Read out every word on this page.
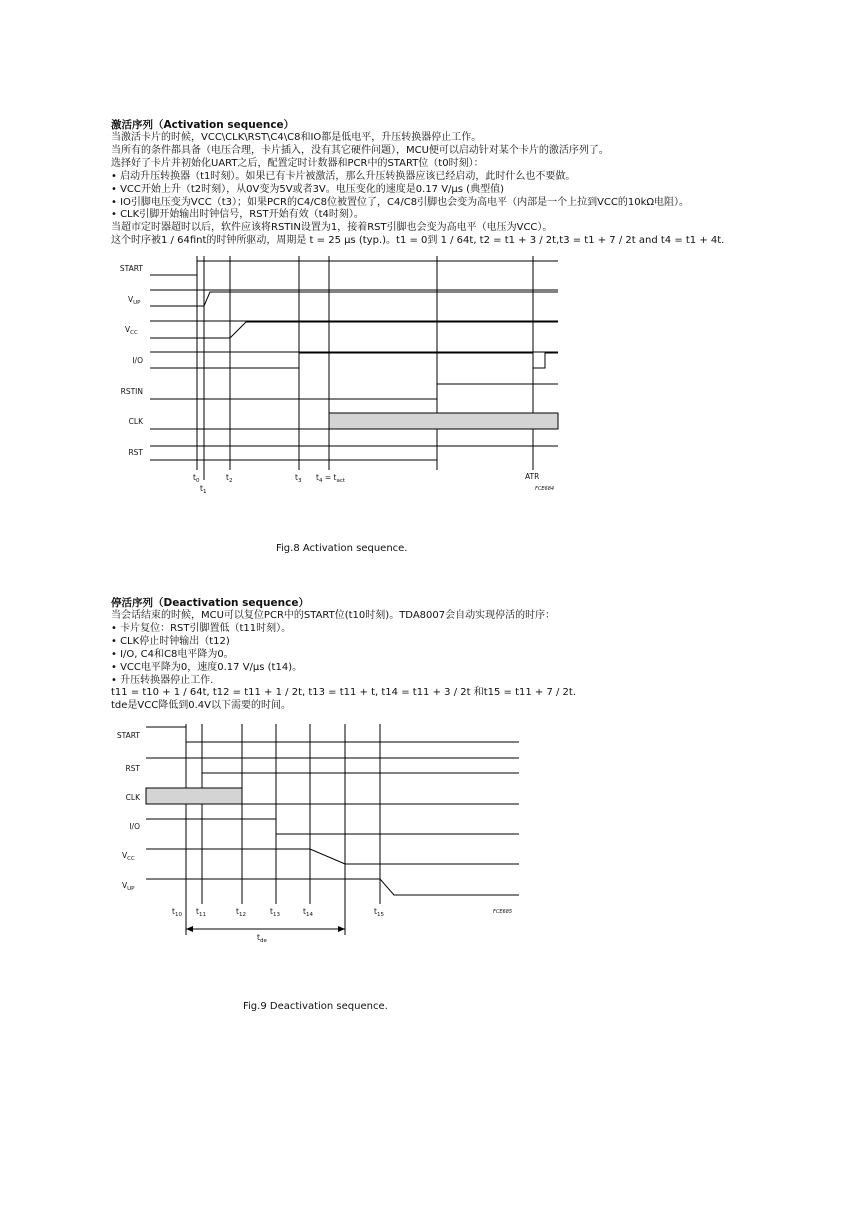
激活序列（Activation sequence）
当激活卡片的时候，VCC\CLK\RST\C4\C8和IO都是低电平，升压转换器停止工作。
当所有的条件都具备（电压合理，卡片插入，没有其它硬件问题），MCU便可以启动针对某个卡片的激活序列了。
选择好了卡片并初始化UART之后，配置定时计数器和PCR中的START位（t0时刻）：
• 启动升压转换器（t1时刻）。如果已有卡片被激活，那么升压转换器应该已经启动，此时什么也不要做。
• VCC开始上升（t2时刻），从0V变为5V或者3V。电压变化的速度是0.17 V/μs (典型值)
• IO引脚电压变为VCC（t3）；如果PCR的C4/C8位被置位了，C4/C8引脚也会变为高电平（内部是一个上拉到VCC的10kΩ电阻）。
• CLK引脚开始输出时钟信号，RST开始有效（t4时刻）。
当超市定时器超时以后，软件应该将RSTIN设置为1，接着RST引脚也会变为高电平（电压为VCC）。
这个时序被1 / 64fint的时钟所驱动，周期是 t = 25 μs (typ.)。t1 = 0到 1 / 64t, t2 = t1 + 3 / 2t,t3 = t1 + 7 / 2t and t4 = t1 + 4t.
START
$V_{UP}$
$V_{CC}$
I/O
RSTIN
CLK
RST
$t_0$
$t_1$
$t_2$	$t_3$ $t_4 = t_{act}$	ATR
FCE684
Fig.8 Activation sequence.
停活序列（Deactivation sequence）
当会话结束的时候，MCU可以复位PCR中的START位(t10时刻)。TDA8007会自动实现停活的时序：
• 卡片复位：RST引脚置低（t11时刻）。
• CLK停止时钟输出（t12)
• I/O, C4和C8电平降为0。
• VCC电平降为0，速度0.17 V/μs (t14)。
• 升压转换器停止工作.
t11 = t10 + 1 / 64t, t12 = t11 + 1 / 2t, t13 = t11 + t, t14 = t11 + 3 / 2t 和t15 = t11 + 7 / 2t.
tde是VCC降低到0.4V以下需要的时间。
START
RST
CLK
I/O
$V_{CC}$
$V_{UP}$
$t_{10}$ $t_{11}$	$t_{12}$	$t_{13}$	$t_{14}$	$t_{15}$
$t_{de}$
FCE685
Fig.9 Deactivation sequence.
